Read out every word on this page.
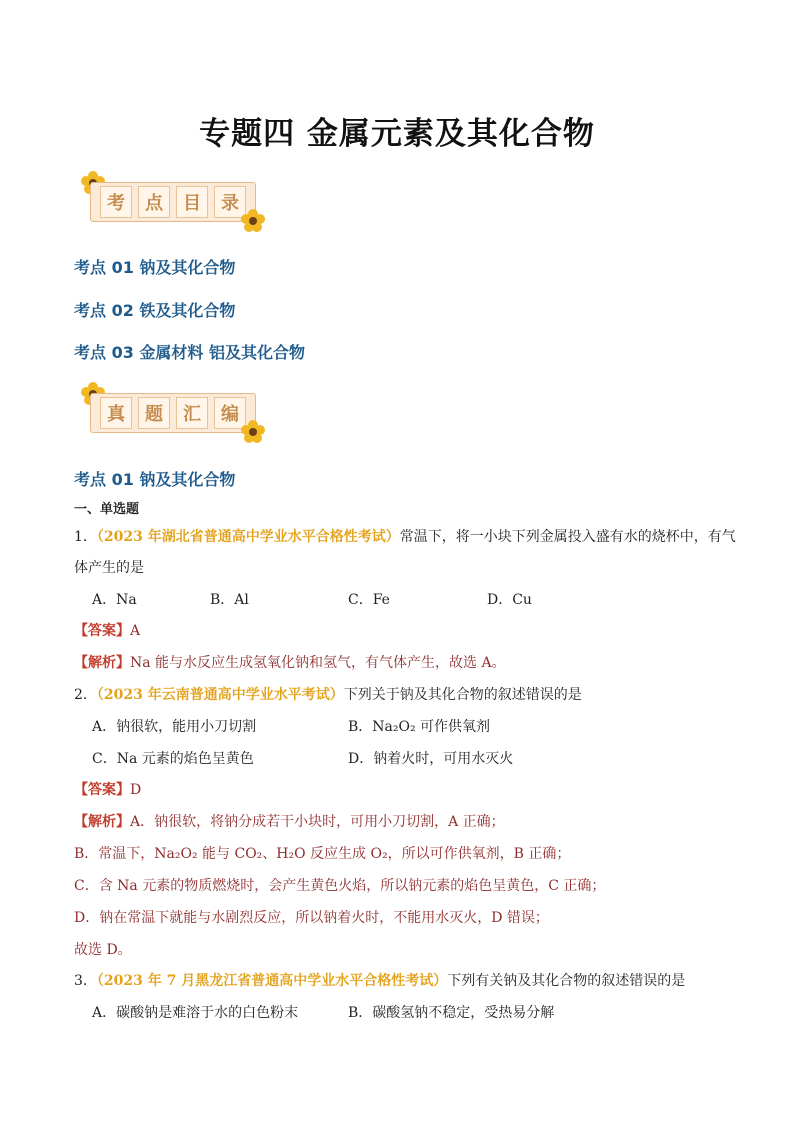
专题四 金属元素及其化合物
考	点	目	录
考点 01 钠及其化合物
考点 02 铁及其化合物
考点 03 金属材料 铝及其化合物
真	题	汇	编
考点 01 钠及其化合物
一、单选题
1．（2023 年湖北省普通高中学业水平合格性考试）常温下，将一小块下列金属投入盛有水的烧杯中，有气
体产生的是
A．Na	B．Al	C．Fe	D．Cu
【答案】A
【解析】Na 能与水反应生成氢氧化钠和氢气，有气体产生，故选 A。
2．（2023 年云南普通高中学业水平考试）下列关于钠及其化合物的叙述错误的是
A．钠很软，能用小刀切割	B．Na₂O₂ 可作供氧剂
C．Na 元素的焰色呈黄色	D．钠着火时，可用水灭火
【答案】D
【解析】A．钠很软，将钠分成若干小块时，可用小刀切割，A 正确；
B．常温下，Na₂O₂ 能与 CO₂、H₂O 反应生成 O₂，所以可作供氧剂，B 正确；
C．含 Na 元素的物质燃烧时，会产生黄色火焰，所以钠元素的焰色呈黄色，C 正确；
D．钠在常温下就能与水剧烈反应，所以钠着火时，不能用水灭火，D 错误；
故选 D。
3．（2023 年 7 月黑龙江省普通高中学业水平合格性考试）下列有关钠及其化合物的叙述错误的是
A．碳酸钠是难溶于水的白色粉末	B．碳酸氢钠不稳定，受热易分解
